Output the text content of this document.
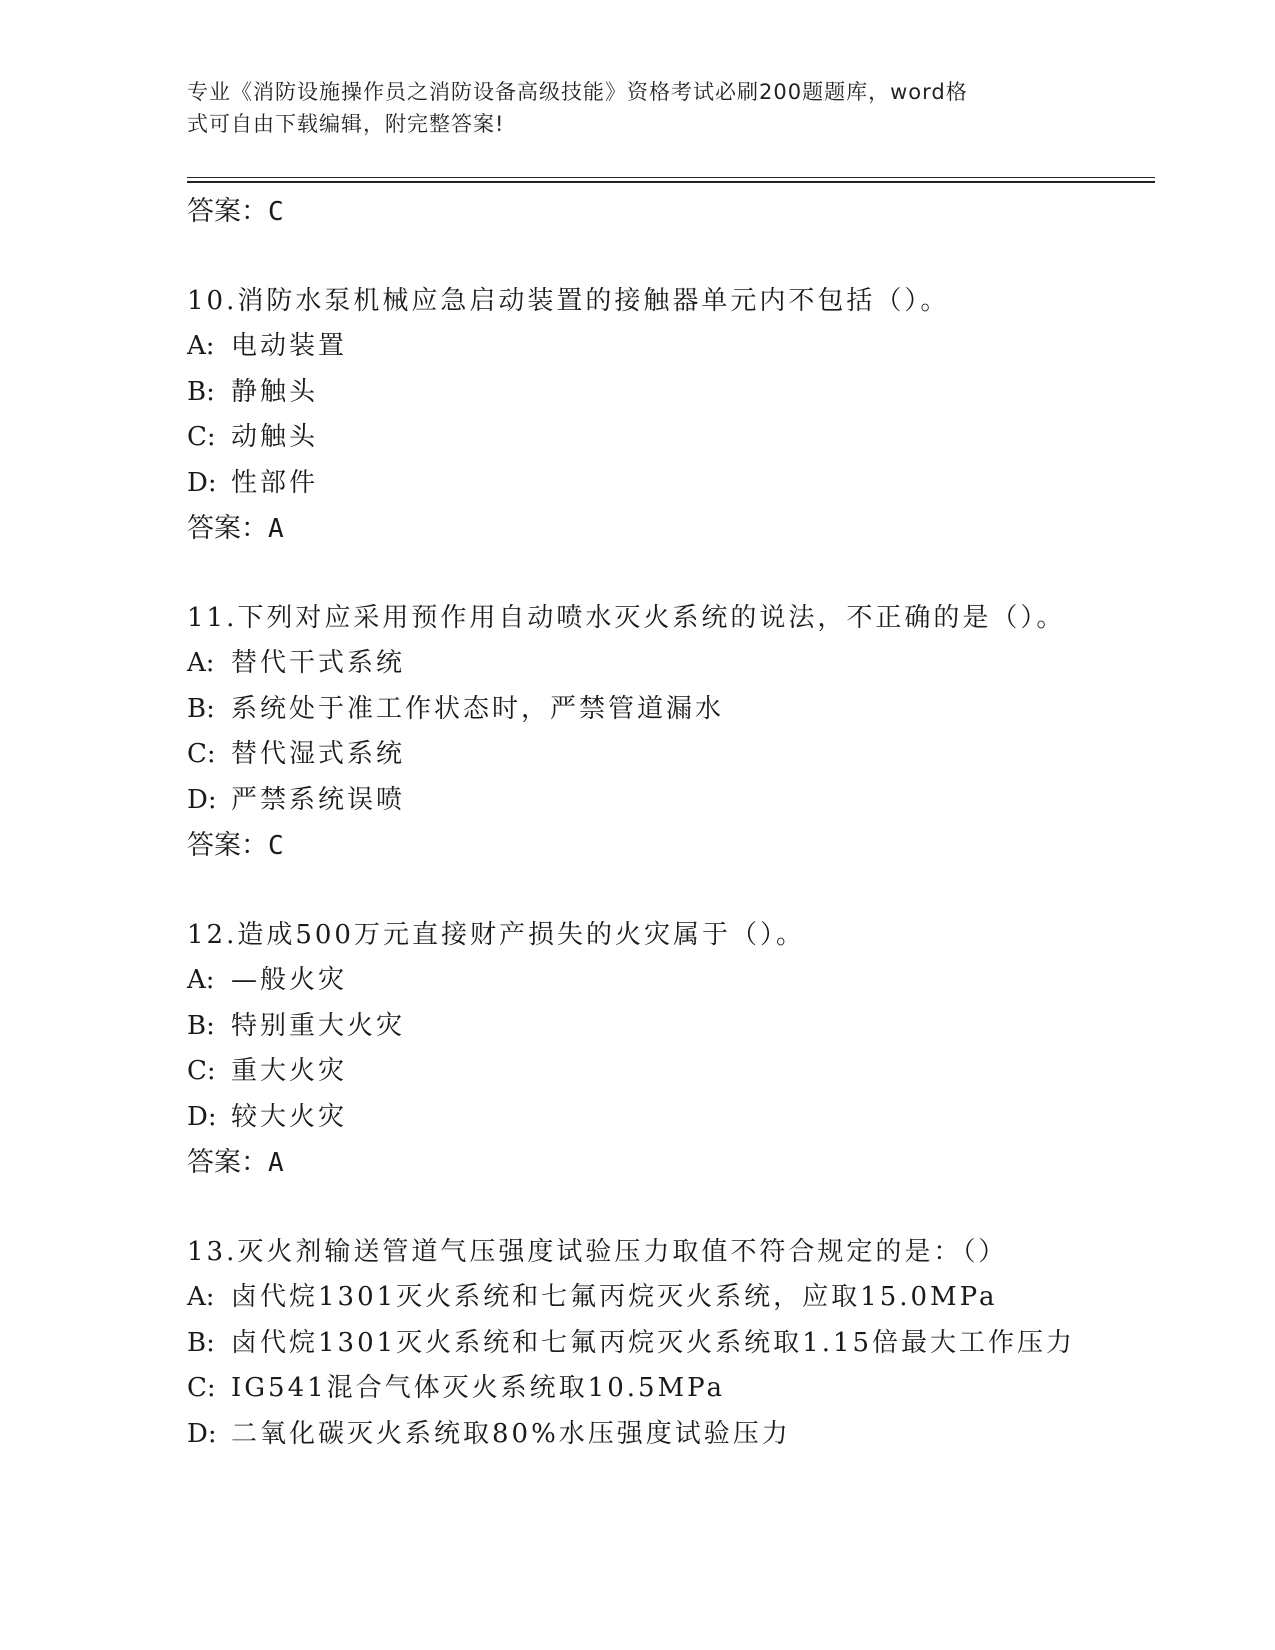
专业《消防设施操作员之消防设备高级技能》资格考试必刷200题题库，word格
式可自由下载编辑，附完整答案!
答案：C
10.消防水泵机械应急启动装置的接触器单元内不包括（）。
A: 电动装置
B: 静触头
C: 动触头
D: 性部件
答案：A
11.下列对应采用预作用自动喷水灭火系统的说法，不正确的是（）。
A: 替代干式系统
B: 系统处于准工作状态时，严禁管道漏水
C: 替代湿式系统
D: 严禁系统误喷
答案：C
12.造成500万元直接财产损失的火灾属于（）。
A: —般火灾
B: 特别重大火灾
C: 重大火灾
D: 较大火灾
答案：A
13.灭火剂输送管道气压强度试验压力取值不符合规定的是：（）
A: 卤代烷1301灭火系统和七氟丙烷灭火系统，应取15.0MPa
B: 卤代烷1301灭火系统和七氟丙烷灭火系统取1.15倍最大工作压力
C: IG541混合气体灭火系统取10.5MPa
D: 二氧化碳灭火系统取80%水压强度试验压力
